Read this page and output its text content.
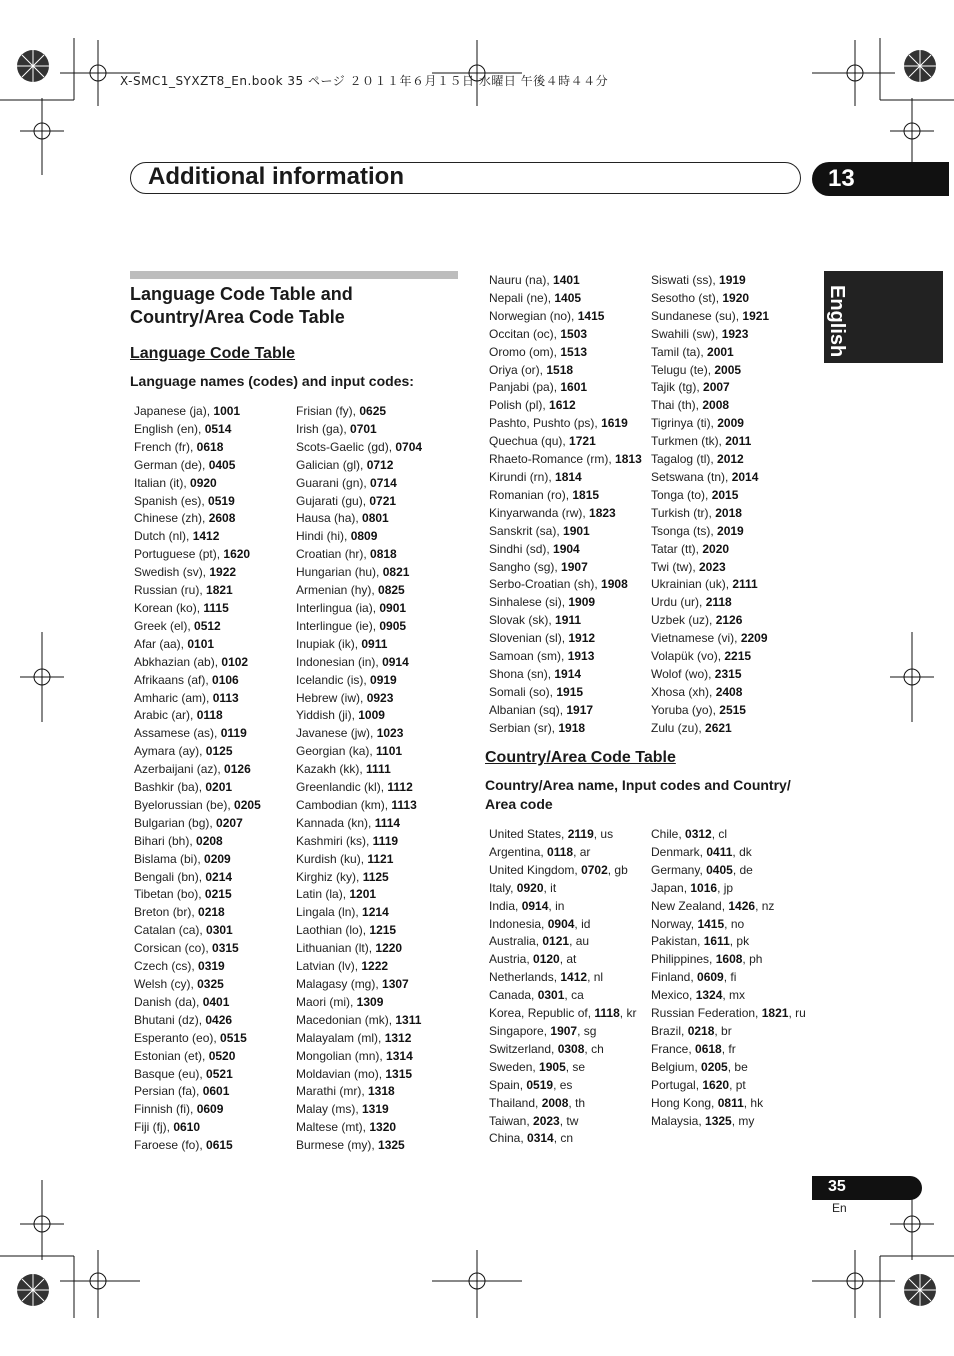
X-SMC1_SYXZT8_En.book 35 ページ ２０１１年６月１５日 水曜日 午後４時４４分
Additional information	13
English
Language Code Table and Country/Area Code Table
Language Code Table
Language names (codes) and input codes:
Japanese (ja), 1001
English (en), 0514
French (fr), 0618
German (de), 0405
Italian (it), 0920
Spanish (es), 0519
Chinese (zh), 2608
Dutch (nl), 1412
Portuguese (pt), 1620
Swedish (sv), 1922
Russian (ru), 1821
Korean (ko), 1115
Greek (el), 0512
Afar (aa), 0101
Abkhazian (ab), 0102
Afrikaans (af), 0106
Amharic (am), 0113
Arabic (ar), 0118
Assamese (as), 0119
Aymara (ay), 0125
Azerbaijani (az), 0126
Bashkir (ba), 0201
Byelorussian (be), 0205
Bulgarian (bg), 0207
Bihari (bh), 0208
Bislama (bi), 0209
Bengali (bn), 0214
Tibetan (bo), 0215
Breton (br), 0218
Catalan (ca), 0301
Corsican (co), 0315
Czech (cs), 0319
Welsh (cy), 0325
Danish (da), 0401
Bhutani (dz), 0426
Esperanto (eo), 0515
Estonian (et), 0520
Basque (eu), 0521
Persian (fa), 0601
Finnish (fi), 0609
Fiji (fj), 0610
Faroese (fo), 0615
Frisian (fy), 0625
Irish (ga), 0701
Scots-Gaelic (gd), 0704
Galician (gl), 0712
Guarani (gn), 0714
Gujarati (gu), 0721
Hausa (ha), 0801
Hindi (hi), 0809
Croatian (hr), 0818
Hungarian (hu), 0821
Armenian (hy), 0825
Interlingua (ia), 0901
Interlingue (ie), 0905
Inupiak (ik), 0911
Indonesian (in), 0914
Icelandic (is), 0919
Hebrew (iw), 0923
Yiddish (ji), 1009
Javanese (jw), 1023
Georgian (ka), 1101
Kazakh (kk), 1111
Greenlandic (kl), 1112
Cambodian (km), 1113
Kannada (kn), 1114
Kashmiri (ks), 1119
Kurdish (ku), 1121
Kirghiz (ky), 1125
Latin (la), 1201
Lingala (ln), 1214
Laothian (lo), 1215
Lithuanian (lt), 1220
Latvian (lv), 1222
Malagasy (mg), 1307
Maori (mi), 1309
Macedonian (mk), 1311
Malayalam (ml), 1312
Mongolian (mn), 1314
Moldavian (mo), 1315
Marathi (mr), 1318
Malay (ms), 1319
Maltese (mt), 1320
Burmese (my), 1325
Nauru (na), 1401
Nepali (ne), 1405
Norwegian (no), 1415
Occitan (oc), 1503
Oromo (om), 1513
Oriya (or), 1518
Panjabi (pa), 1601
Polish (pl), 1612
Pashto, Pushto (ps), 1619
Quechua (qu), 1721
Rhaeto-Romance (rm), 1813
Kirundi (rn), 1814
Romanian (ro), 1815
Kinyarwanda (rw), 1823
Sanskrit (sa), 1901
Sindhi (sd), 1904
Sangho (sg), 1907
Serbo-Croatian (sh), 1908
Sinhalese (si), 1909
Slovak (sk), 1911
Slovenian (sl), 1912
Samoan (sm), 1913
Shona (sn), 1914
Somali (so), 1915
Albanian (sq), 1917
Serbian (sr), 1918
Siswati (ss), 1919
Sesotho (st), 1920
Sundanese (su), 1921
Swahili (sw), 1923
Tamil (ta), 2001
Telugu (te), 2005
Tajik (tg), 2007
Thai (th), 2008
Tigrinya (ti), 2009
Turkmen (tk), 2011
Tagalog (tl), 2012
Setswana (tn), 2014
Tonga (to), 2015
Turkish (tr), 2018
Tsonga (ts), 2019
Tatar (tt), 2020
Twi (tw), 2023
Ukrainian (uk), 2111
Urdu (ur), 2118
Uzbek (uz), 2126
Vietnamese (vi), 2209
Volapük (vo), 2215
Wolof (wo), 2315
Xhosa (xh), 2408
Yoruba (yo), 2515
Zulu (zu), 2621
Country/Area Code Table
Country/Area name, Input codes and Country/ Area code
United States, 2119, us
Argentina, 0118, ar
United Kingdom, 0702, gb
Italy, 0920, it
India, 0914, in
Indonesia, 0904, id
Australia, 0121, au
Austria, 0120, at
Netherlands, 1412, nl
Canada, 0301, ca
Korea, Republic of, 1118, kr
Singapore, 1907, sg
Switzerland, 0308, ch
Sweden, 1905, se
Spain, 0519, es
Thailand, 2008, th
Taiwan, 2023, tw
China, 0314, cn
Chile, 0312, cl
Denmark, 0411, dk
Germany, 0405, de
Japan, 1016, jp
New Zealand, 1426, nz
Norway, 1415, no
Pakistan, 1611, pk
Philippines, 1608, ph
Finland, 0609, fi
Mexico, 1324, mx
Russian Federation, 1821, ru
Brazil, 0218, br
France, 0618, fr
Belgium, 0205, be
Portugal, 1620, pt
Hong Kong, 0811, hk
Malaysia, 1325, my
35
En
